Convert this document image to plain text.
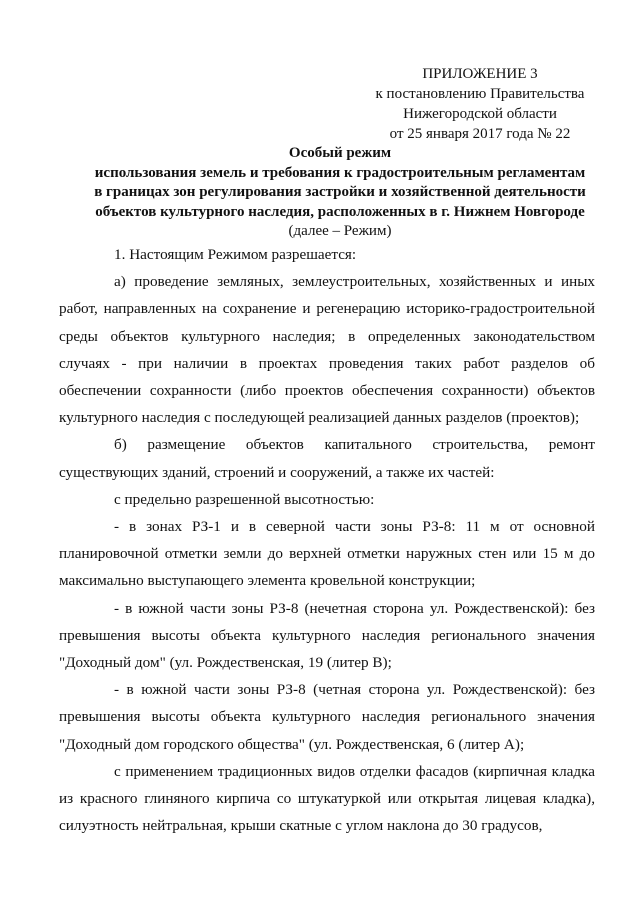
ПРИЛОЖЕНИЕ 3
к постановлению Правительства
Нижегородской области
от 25 января 2017 года № 22
Особый режим
использования земель и требования к градостроительным регламентам
в границах зон регулирования застройки и хозяйственной деятельности
объектов культурного наследия, расположенных в г. Нижнем Новгороде
(далее – Режим)

1. Настоящим Режимом разрешается:

а) проведение земляных, землеустроительных, хозяйственных и иных работ, направленных на сохранение и регенерацию историко-градостроительной среды объектов культурного наследия; в определенных законодательством случаях - при наличии в проектах проведения таких работ разделов об обеспечении сохранности (либо проектов обеспечения сохранности) объектов культурного наследия с последующей реализацией данных разделов (проектов);

б) размещение объектов капитального строительства, ремонт существующих зданий, строений и сооружений, а также их частей:

с предельно разрешенной высотностью:

- в зонах РЗ-1 и в северной части зоны РЗ-8: 11 м от основной планировочной отметки земли до верхней отметки наружных стен или 15 м до максимально выступающего элемента кровельной конструкции;

- в южной части зоны РЗ-8 (нечетная сторона ул. Рождественской): без превышения высоты объекта культурного наследия регионального значения "Доходный дом" (ул. Рождественская, 19 (литер В);

- в южной части зоны РЗ-8 (четная сторона ул. Рождественской): без превышения высоты объекта культурного наследия регионального значения "Доходный дом городского общества" (ул. Рождественская, 6 (литер А);

с применением традиционных видов отделки фасадов (кирпичная кладка из красного глиняного кирпича со штукатуркой или открытая лицевая кладка), силуэтность нейтральная, крыши скатные с углом наклона до 30 градусов,
